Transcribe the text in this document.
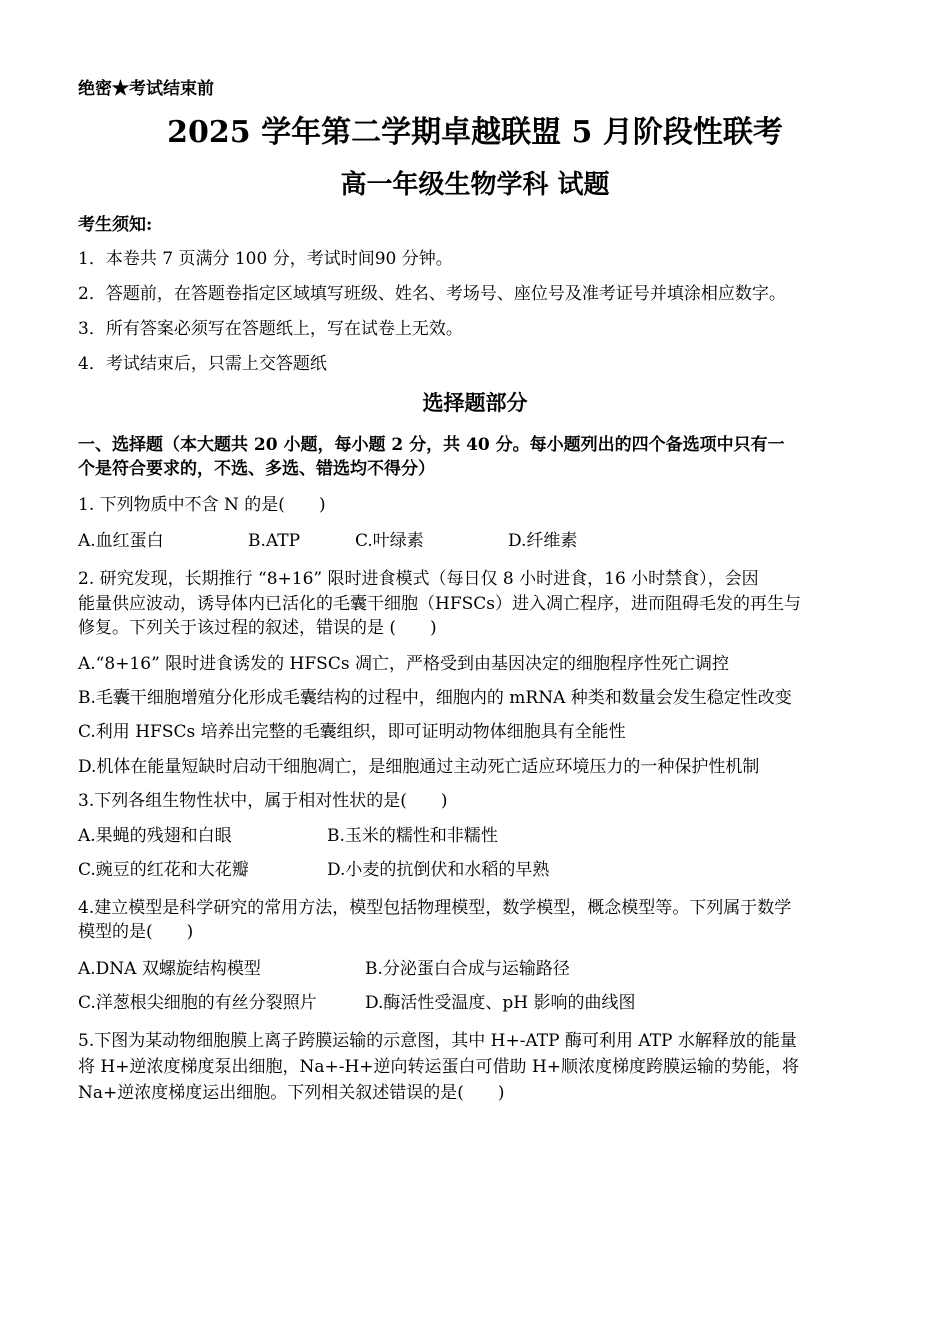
绝密★考试结束前
2025 学年第二学期卓越联盟 5 月阶段性联考
高一年级生物学科 试题
考生须知:
1．本卷共 7 页满分 100 分，考试时间90 分钟。
2．答题前，在答题卷指定区域填写班级、姓名、考场号、座位号及准考证号并填涂相应数字。
3．所有答案必须写在答题纸上，写在试卷上无效。
4．考试结束后，只需上交答题纸
选择题部分
一、选择题（本大题共 20 小题，每小题 2 分，共 40 分。每小题列出的四个备选项中只有一
个是符合要求的，不选、多选、错选均不得分）
1. 下列物质中不含 N 的是(　　)
A.血红蛋白	B.ATP	C.叶绿素	D.纤维素
2. 研究发现，长期推行 “8+16” 限时进食模式（每日仅 8 小时进食，16 小时禁食），会因
能量供应波动，诱导体内已活化的毛囊干细胞（HFSCs）进入凋亡程序，进而阻碍毛发的再生与
修复。下列关于该过程的叙述，错误的是 (　　)
A.“8+16” 限时进食诱发的 HFSCs 凋亡，严格受到由基因决定的细胞程序性死亡调控
B.毛囊干细胞增殖分化形成毛囊结构的过程中，细胞内的 mRNA 种类和数量会发生稳定性改变
C.利用 HFSCs 培养出完整的毛囊组织，即可证明动物体细胞具有全能性
D.机体在能量短缺时启动干细胞凋亡，是细胞通过主动死亡适应环境压力的一种保护性机制
3.下列各组生物性状中，属于相对性状的是(　　)
A.果蝇的残翅和白眼	B.玉米的糯性和非糯性
C.豌豆的红花和大花瓣	D.小麦的抗倒伏和水稻的早熟
4.建立模型是科学研究的常用方法，模型包括物理模型，数学模型，概念模型等。下列属于数学
模型的是(　　)
A.DNA 双螺旋结构模型	B.分泌蛋白合成与运输路径
C.洋葱根尖细胞的有丝分裂照片	D.酶活性受温度、pH 影响的曲线图
5.下图为某动物细胞膜上离子跨膜运输的示意图，其中 H+-ATP 酶可利用 ATP 水解释放的能量
将 H+逆浓度梯度泵出细胞，Na+-H+逆向转运蛋白可借助 H+顺浓度梯度跨膜运输的势能，将
Na+逆浓度梯度运出细胞。下列相关叙述错误的是(　　)
